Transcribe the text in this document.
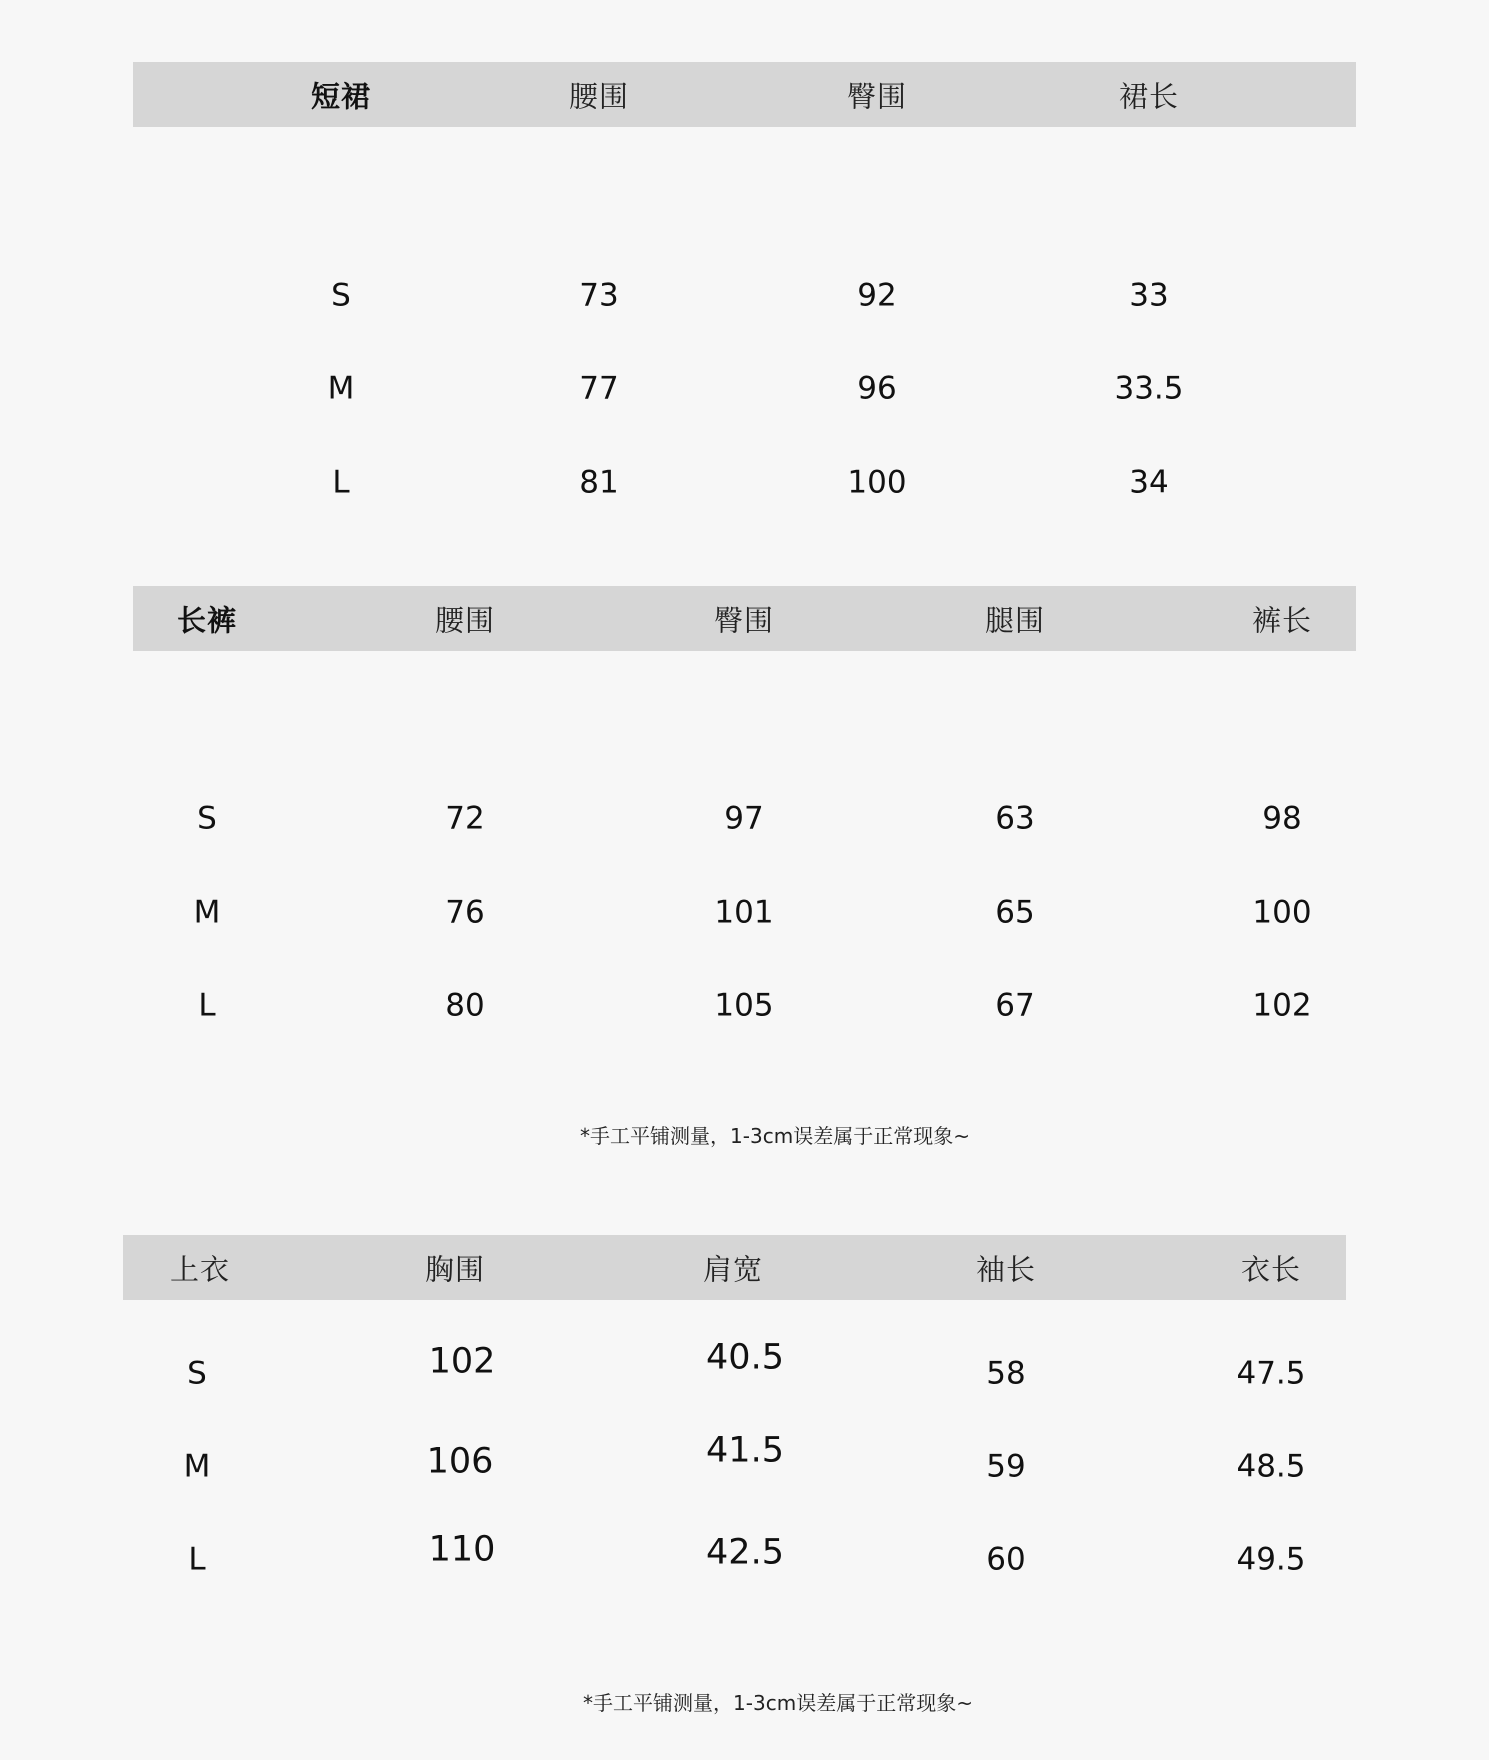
短裙	腰围	臀围	裙长
S	73	92	33
M	77	96	33.5
L	81	100	34
长裤	腰围	臀围	腿围	裤长
S	72	97	63	98
M	76	101	65	100
L	80	105	67	102
*手工平铺测量，1-3cm误差属于正常现象~
上衣	胸围	肩宽	袖长	衣长
S	102	40.5	58	47.5
M	106	41.5	59	48.5
L	110	42.5	60	49.5
*手工平铺测量，1-3cm误差属于正常现象~
